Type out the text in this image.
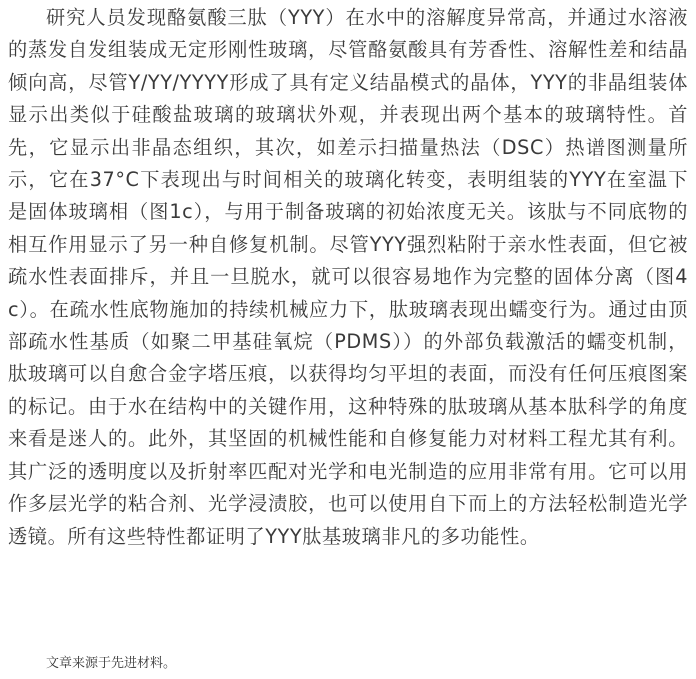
研究人员发现酪氨酸三肽（YYY）在水中的溶解度异常高，并通过水溶液的蒸发自发组装成无定形刚性玻璃，尽管酪氨酸具有芳香性、溶解性差和结晶倾向高，尽管Y/YY/YYYY形成了具有定义结晶模式的晶体，YYY的非晶组装体显示出类似于硅酸盐玻璃的玻璃状外观，并表现出两个基本的玻璃特性。首先，它显示出非晶态组织，其次，如差示扫描量热法（DSC）热谱图测量所示，它在37°C下表现出与时间相关的玻璃化转变，表明组装的YYY在室温下是固体玻璃相（图1c），与用于制备玻璃的初始浓度无关。该肽与不同底物的相互作用显示了另一种自修复机制。尽管YYY强烈粘附于亲水性表面，但它被疏水性表面排斥，并且一旦脱水，就可以很容易地作为完整的固体分离（图4c）。在疏水性底物施加的持续机械应力下，肽玻璃表现出蠕变行为。通过由顶部疏水性基质（如聚二甲基硅氧烷（PDMS））的外部负载激活的蠕变机制，肽玻璃可以自愈合金字塔压痕，以获得均匀平坦的表面，而没有任何压痕图案的标记。由于水在结构中的关键作用，这种特殊的肽玻璃从基本肽科学的角度来看是迷人的。此外，其坚固的机械性能和自修复能力对材料工程尤其有利。其广泛的透明度以及折射率匹配对光学和电光制造的应用非常有用。它可以用作多层光学的粘合剂、光学浸渍胶，也可以使用自下而上的方法轻松制造光学透镜。所有这些特性都证明了YYY肽基玻璃非凡的多功能性。

文章来源于先进材料。
